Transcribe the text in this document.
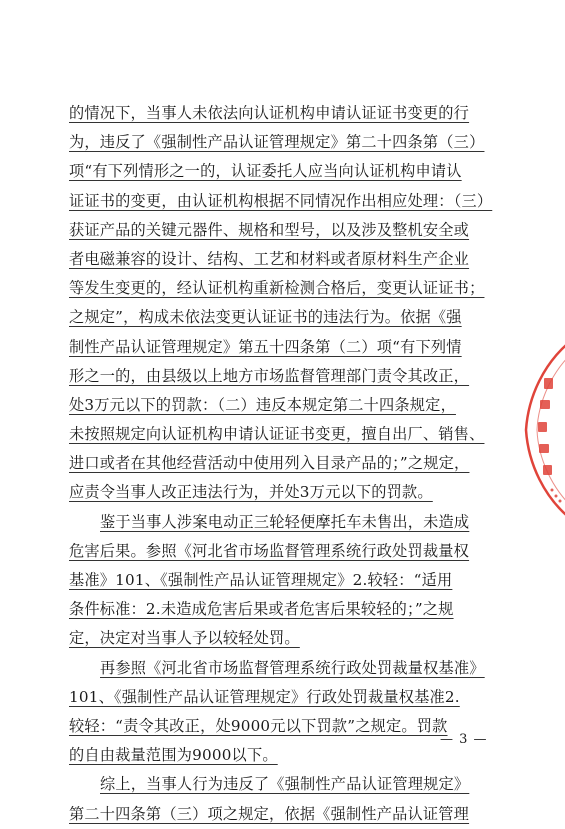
的情况下，当事人未依法向认证机构申请认证证书变更的行
为，违反了《强制性产品认证管理规定》第二十四条第（三）
项“有下列情形之一的，认证委托人应当向认证机构申请认
证证书的变更，由认证机构根据不同情况作出相应处理：（三）
获证产品的关键元器件、规格和型号，以及涉及整机安全或
者电磁兼容的设计、结构、工艺和材料或者原材料生产企业
等发生变更的，经认证机构重新检测合格后，变更认证证书；
之规定”，构成未依法变更认证证书的违法行为。依据《强
制性产品认证管理规定》第五十四条第（二）项“有下列情
形之一的，由县级以上地方市场监督管理部门责令其改正，
处3万元以下的罚款：（二）违反本规定第二十四条规定，
未按照规定向认证机构申请认证证书变更，擅自出厂、销售、
进口或者在其他经营活动中使用列入目录产品的；”之规定，
应责令当事人改正违法行为，并处3万元以下的罚款。
鉴于当事人涉案电动正三轮轻便摩托车未售出，未造成
危害后果。参照《河北省市场监督管理系统行政处罚裁量权
基准》101、《强制性产品认证管理规定》2.较轻：“适用
条件标准：2.未造成危害后果或者危害后果较轻的；”之规
定，决定对当事人予以较轻处罚。
再参照《河北省市场监督管理系统行政处罚裁量权基准》
101、《强制性产品认证管理规定》行政处罚裁量权基准2.
较轻：“责令其改正，处9000元以下罚款”之规定。罚款
的自由裁量范围为9000以下。
综上，当事人行为违反了《强制性产品认证管理规定》
第二十四条第（三）项之规定，依据《强制性产品认证管理
— 3 —
